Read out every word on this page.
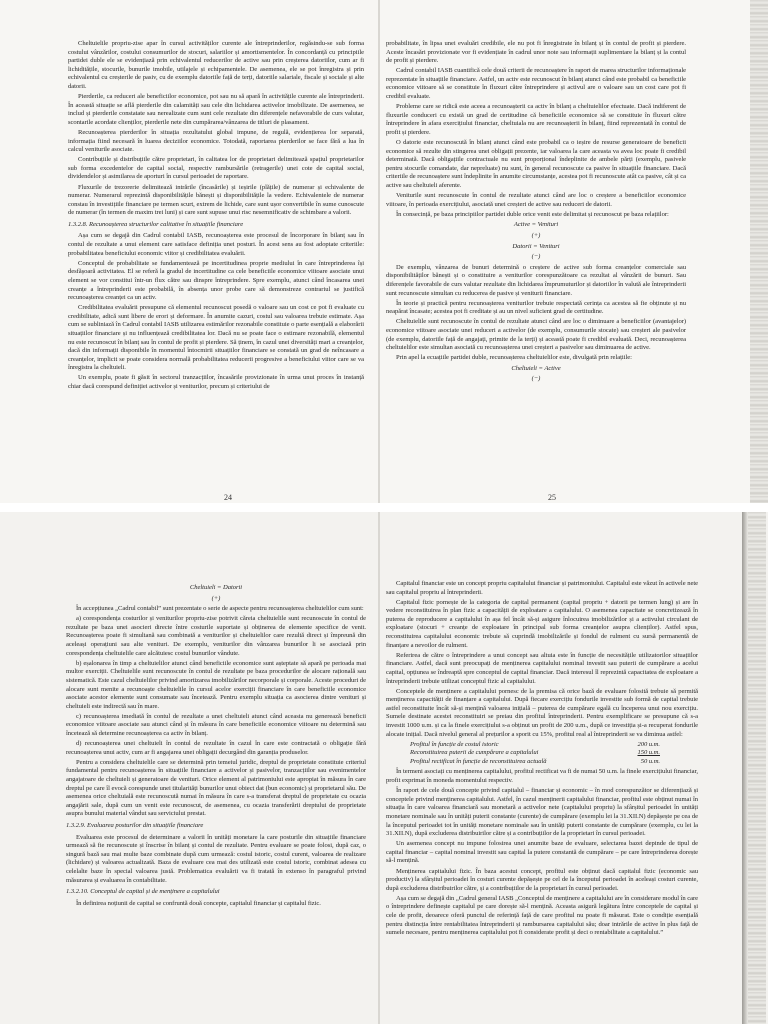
Cheltuielile propriu-zise apar în cursul activităților curente ale întreprinderilor, regăsindu-se sub forma costului vânzărilor, costului consumurilor de stocuri, salariilor și amortismentelor. În concordanță cu principiile partidei duble ele se evidențiază prin echivalentul reducerilor de active sau prin creșterea datoriilor, cum ar fi lichiditățile, stocurile, bunurile imobile, utilajele și echipamentele. De asemenea, ele se pot înregistra și prin echivalentul cu creșterile de pasiv, cu de exemplu datoriile față de terți, datoriile salariale, fiscale și sociale și alte datorii.

Pierderile, ca reduceri ale beneficiilor economice, pot sau nu să apară în activitățile curente ale întreprinderii. În această situație se află pierderile din calamități sau cele din lichidarea activelor imobilizate. De asemenea, se includ și pierderile constatate sau nerealizate cum sunt cele rezultate din diferențele nefavorabile de curs valutar, scontarile acordate clienților, pierderile nete din cumpărarea/vânzarea de titluri de plasament.

Recunoașterea pierderilor în situația rezultatului global impune, de regulă, evidențierea lor separată, informația fiind necesară în luarea deciziilor economice. Totodată, raportarea pierderilor se face fără a lua în calcul veniturile asociate.

Contribuțiile și distribuțiile către proprietari, în calitatea lor de proprietari delimitează spațiul proprietarilor sub forma excedentelor de capital social, respectiv rambursările (retragerile) unei cote de capital social, dividendelor și asimilarea de aporturi în cursul perioadei de raportare.

Fluxurile de trezorerie delimitează intrările (încasările) și ieșirile (plățile) de numerar și echivalente de numerar. Numerarul reprezintă disponibilitățile bănești și disponibilitățile la vedere. Echivalentele de numerar constau în investițiile financiare pe termen scurt, extrem de lichide, care sunt ușor convertibile în sume cunoscute de numerar (în termen de maxim trei luni) și care sunt supuse unui risc nesemnificativ de schimbare a valorii.

1.3.2.8. Recunoașterea structurilor calitative în situațiile financiare

Așa cum se degajă din Cadrul contabil IASB, recunoașterea este procesul de încorporare în bilanț sau în contul de rezultate a unui element care satisface definiția unei posturi. În acest sens au fost adoptate criteriile: probabilitatea beneficiului economic viitor și credibilitatea evaluării.

Conceptul de probabilitate se fundamentează pe incertitudinea proprie mediului în care întreprinderea își desfășoară activitatea. El se referă la gradul de incertitudine ca cele beneficiile economice viitoare asociate unui element se vor constitui într-un flux către sau dinspre întreprindere. Spre exemplu, atunci când încasarea unei creanțe a întreprinderii este probabilă, în absența unor probe care să demonstreze contrariul se justifică recunoașterea creanței ca un activ.

Credibilitatea evaluării presupune că elementul recunoscut posedă o valoare sau un cost ce pot fi evaluate cu credibilitate, adică sunt libere de erori și deformare. În anumite cazuri, costul sau valoarea trebuie estimate. Așa cum se subliniază în Cadrul contabil IASB utilizarea estimărilor rezonabile constituie o parte esențială a elaborării situațiilor financiare și nu influențează credibilitatea lor. Dacă nu se poate face o estimare rezonabilă, elementul nu este recunoscut în bilanț sau în contul de profit și pierdere. Să ținem, în cazul unei diversități mari a creanțelor, dacă din informații disponibile în momentul întocmirii situațiilor financiare se constată un grad de neîncasare a creanțelor, implicit se poate considera normală probabilitatea reducerii progresive a beneficiului viitor care se va înregistra la cheltuieli.

Un exemplu, poate fi găsit în sectorul tranzacțiilor, încasările provizionate în urma unui proces în instanță chiar dacă corespund definiției activelor și veniturilor, precum și criteriului de

24

probabilitate, în lipsa unei evaluări credibile, ele nu pot fi înregistrate în bilanț și în contul de profit și pierdere. Aceste încasări provizionate vor fi evidențiate în cadrul unor note sau informații suplimentare la bilanț și la contul de profit și pierdere.

Cadrul contabil IASB cuantifică cele două criterii de recunoaștere în raport de marea structurilor informaționale reprezentate în situațiile financiare. Astfel, un activ este recunoscut în bilanț atunci când este probabil ca beneficiile economice viitoare să se constituie în fluxuri către întreprindere și activul are o valoare sau un cost care pot fi credibil evaluate.

Probleme care se ridică este aceea a recunoașterii ca activ în bilanț a cheltuielilor efectuate. Dacă indiferent de fluxurile conduceri cu există un grad de certitudine că beneficiile economice să se constituie în fluxuri către întreprindere în afara exercițiului financiar, cheltuiala nu are recunoașterii în bilanț, fiind reprezentată în contul de profit și pierdere.

O datorie este recunoscută în bilanț atunci când este probabil ca o ieșire de resurse generatoare de beneficii economice să rezulte din stingerea unei obligații prezente, iar valoarea la care aceasta va avea loc poate fi credibil determinată. Dacă obligațiile contractuale nu sunt proporțional îndeplinite de ambele părți (exemplu, pasivele pentru stocurile comandate, dar nepreluate) nu sunt, în general recunoscute ca pasive în situațiile financiare. Dacă criteriile de recunoaștere sunt îndeplinite în anumite circumstanțe, acestea pot fi recunoscute atât ca pasive, cât și ca active sau cheltuieli aferente.

Veniturile sunt recunoscute în contul de rezultate atunci când are loc o creștere a beneficiilor economice viitoare, în perioada exercițiului, asociată unei creșteri de active sau reduceri de datorii.

În consecință, pe baza principiilor partidei duble orice venit este delimitat și recunoscut pe baza relațiilor:

Active = Venituri

(+)

Datorii = Venituri

(−)

De exemplu, vânzarea de bunuri determină o creștere de active sub forma creanțelor comerciale sau disponibilităților bănești și o constituire a veniturilor corespunzătoare ca rezultat al vânzării de bunuri. Sau diferențele favorabile de curs valutar rezultate din lichidarea împrumuturilor și datoriilor în valută ale întreprinderii sunt recunoscute simultan cu reducerea de pasive și veniturii financiare.

În teorie și practică pentru recunoașterea veniturilor trebuie respectată cerința ca acestea să fie obținute și nu neapărat încasate; acestea pot fi creditate și au un nivel suficient grad de certitudine.

Cheltuielile sunt recunoscute în contul de rezultate atunci când are loc o diminuare a beneficiilor (avantajelor) economice viitoare asociate unei reduceri a activelor (de exemplu, consumurile stocate) sau creșteri ale pasivelor (de exemplu, datoriile față de angajați, primite de la terți) și această poate fi credibil evaluată. Deci, recunoașterea cheltuielilor este simultan asociată cu recunoașterea unei creșteri a pasivelor sau diminuarea de active.

Prin apel la ecuațiile partidei duble, recunoașterea cheltuielilor este, divulgată prin relațiile:

Cheltuieli = Active

(−)

25

Cheltuieli = Datorii

(+)

În accepțiunea „Cadrul contabil” sunt prezentate o serie de aspecte pentru recunoașterea cheltuielilor cum sunt:

a) corespondența costurilor și veniturilor propriu-zise potrivit căreia cheltuielile sunt recunoscute în contul de rezultate pe baza unei asocieri directe între costurile suportate și obținerea de elemente specifice de venit. Recunoașterea poate fi simultană sau combinată a veniturilor și cheltuielilor care rezultă direct și împreună din aceleași operațiuni sau alte venituri. De exemplu, veniturilor din vânzarea bunurilor li se asociază prin corespondența cheltuielile care alcătuiesc costul bunurilor vândute.

b) eșalonarea în timp a cheltuielilor atunci când beneficiile economice sunt așteptate să apară pe perioada mai multor exerciții. Cheltuielile sunt recunoscute în contul de rezultate pe baza procedurilor de alocare rațională sau sistematică. Este cazul cheltuielilor privind amortizarea imobilizărilor necorporale și corporale. Aceste proceduri de alocare sunt menite a recunoaște cheltuielile în cursul acelor exerciții financiare în care beneficiile economice asociate acestor elemente sunt consumate sau încetează. Pentru exemplu situația ca asocierea dintre venituri și cheltuieli este indirectă sau în mare.

c) recunoașterea imediată în contul de rezultate a unei cheltuieli atunci când aceasta nu generează beneficii economice viitoare asociate sau atunci când și în măsura în care beneficiile economice viitoare nu determină sau încetează să determine recunoașterea ca activ în bilanț.

d) recunoașterea unei cheltuieli în contul de rezultate în cazul în care este contractată o obligație fără recunoașterea unui activ, cum ar fi angajarea unei obligații decurgând din garanția produselor.

Pentru a considera cheltuielile care se determină prin temeiul juridic, dreptul de proprietate constituie criteriul fundamental pentru recunoașterea în situațiile financiare a activelor și pasivelor, tranzacțiilor sau evenimentelor angajatoare de cheltuieli și generatoare de venituri. Orice element al patrimoniului este apropiat în măsura în care dreptul pe care îl evocă corespunde unei titularități bunurilor unui obiect dat (bun economic) și proprietarul său. De asemenea orice cheltuială este recunoscută numai în măsura în care s-a transferat dreptul de proprietate cu ocazia angajării sale, după cum un venit este recunoscut, de asemenea, cu ocazia transferării dreptului de proprietate asupra bunului material vândut sau serviciului prestat.

1.3.2.9. Evaluarea posturilor din situațiile financiare

Evaluarea este procesul de determinare a valorii în unități monetare la care posturile din situațiile financiare urmează să fie recunoscute și înscrise în bilanț și contul de rezultate. Pentru evaluare se poate folosi, după caz, o singură bază sau mai multe baze combinate după cum urmează: costul istoric, costul curent, valoarea de realizare (lichidare) și valoarea actualizată. Baza de evaluare cea mai des utilizată este costul istoric, combinat adesea cu celelalte baze în special valoarea justă. Problematica evaluării va fi tratată în extenso în paragraful privind măsurarea și evaluarea în contabilitate.

1.3.2.10. Conceptul de capital și de menținere a capitalului

În definirea noțiunii de capital se confruntă două concepte, capitalul financiar și capitalul fizic.

Capitalul financiar este un concept propriu capitalului financiar și patrimoniului. Capitalul este văzut în activele nete sau capitalul propriu al întreprinderii.

Capitalul fizic pornește de la categoria de capital permanent (capital propriu + datorii pe termen lung) și are în vedere reconstituirea în plan fizic a capacității de exploatare a capitalului. O asemenea capacitate se concretizează în puterea de reproducere a capitalului în așa fel încât să-și asigure înlocuirea imobilizărilor și a activului circulant de exploatare (stocuri + creanțe de exploatare în principal sub forma creanțelor asupra clienților). Astfel spus, reconstituirea capitalului economic trebuie să cuprindă imobilizările și fondul de rulment cu sursă permanentă de finanțare a nevoilor de rulment.

Referirea de către o întreprindere a unui concept sau altuia este în funcție de necesitățile utilizatorilor situațiilor financiare. Astfel, dacă sunt preocupați de menținerea capitalului nominal investit sau puterii de cumpărare a acelui capital, opțiunea se îndreaptă spre conceptul de capital financiar. Dacă interesul îl reprezintă capacitatea de exploatare a întreprinderii trebuie utilizat conceptul fizic al capitalului.

Conceptele de menținere a capitalului pornesc de la premisa că orice bază de evaluare folosită trebuie să permită menținerea capacității de finanțare a capitalului. După fiecare exercițiu fondurile investite sub formă de capital trebuie astfel reconstituite încât să-și mențină valoarea inițială – puterea de cumpărare egală cu începerea unui nou exercițiu. Sumele destinate acestei reconstituiri se preiau din profitul întreprinderii. Pentru exemplificare se presupune că s-a investit 1000 u.m. și ca la finele exercițiului s-a obținut un profit de 200 u.m., după ce investiția și-a recuperat fondurile alocate inițial. Dacă nivelul general al prețurilor a sporit cu 15%, profitul real al întreprinderii se va diminua astfel:

Profitul în funcție de costul istoric	200 u.m.
Reconstituirea puterii de cumpărare a capitalului	150 u.m.
Profitul rectificat în funcție de reconstituirea actuală	50 u.m.

În termeni asociați cu menținerea capitalului, profitul rectificat va fi de numai 50 u.m. la finele exercițiului financiar, profit exprimat în moneda momentului respectiv.

În raport de cele două concepte privind capitalul – financiar și economic – în mod corespunzător se diferențiază și conceptele privind menținerea capitalului. Astfel, în cazul menținerii capitalului financiar, profitul este obținut numai în situația în care valoarea financiară sau monetară a activelor nete (capitalului propriu) la sfârșitul perioadei în unități monetare nominale sau în unități puterii constante (curente) de cumpărare (exemplu lei la 31.XII.N) depășește pe cea de la începutul perioadei tot în unități monetare nominale sau în unități puterii constante de cumpărare (exemplu, cu lei la 31.XII.N), după excluderea distribuirilor către și a contribuțiilor de la proprietari în cursul perioadei.

Un asemenea concept nu impune folosirea unei anumite baze de evaluare, selectarea bazei depinde de tipul de capital financiar – capital nominal investit sau capital la putere constantă de cumpărare – pe care întreprinderea dorește să-l mențină.

Menținerea capitalului fizic. În baza acestui concept, profitul este obținut dacă capitalul fizic (economic sau productiv) la sfârșitul perioadei în costuri curente depășește pe cel de la începutul perioadei în aceleași costuri curente, după excluderea distribuirilor către, și a contribuțiilor de la proprietari în cursul perioadei.

Așa cum se degajă din „Cadrul general IASB „Conceptul de menținere a capitalului are în considerare modul în care o întreprindere definește capitalul pe care dorește să-l mențină. Aceasta asigură legătura între conceptele de capital și cele de profit, deoarece oferă punctul de referință față de care profitul nu poate fi măsurat. Este o condiție esențială pentru distincția între rentabilitatea întreprinderii și rambursarea capitalului său; doar intrările de active în plus față de sumele necesare, pentru menținerea capitalului pot fi considerate profit și deci o rentabilitate a capitalului.”
